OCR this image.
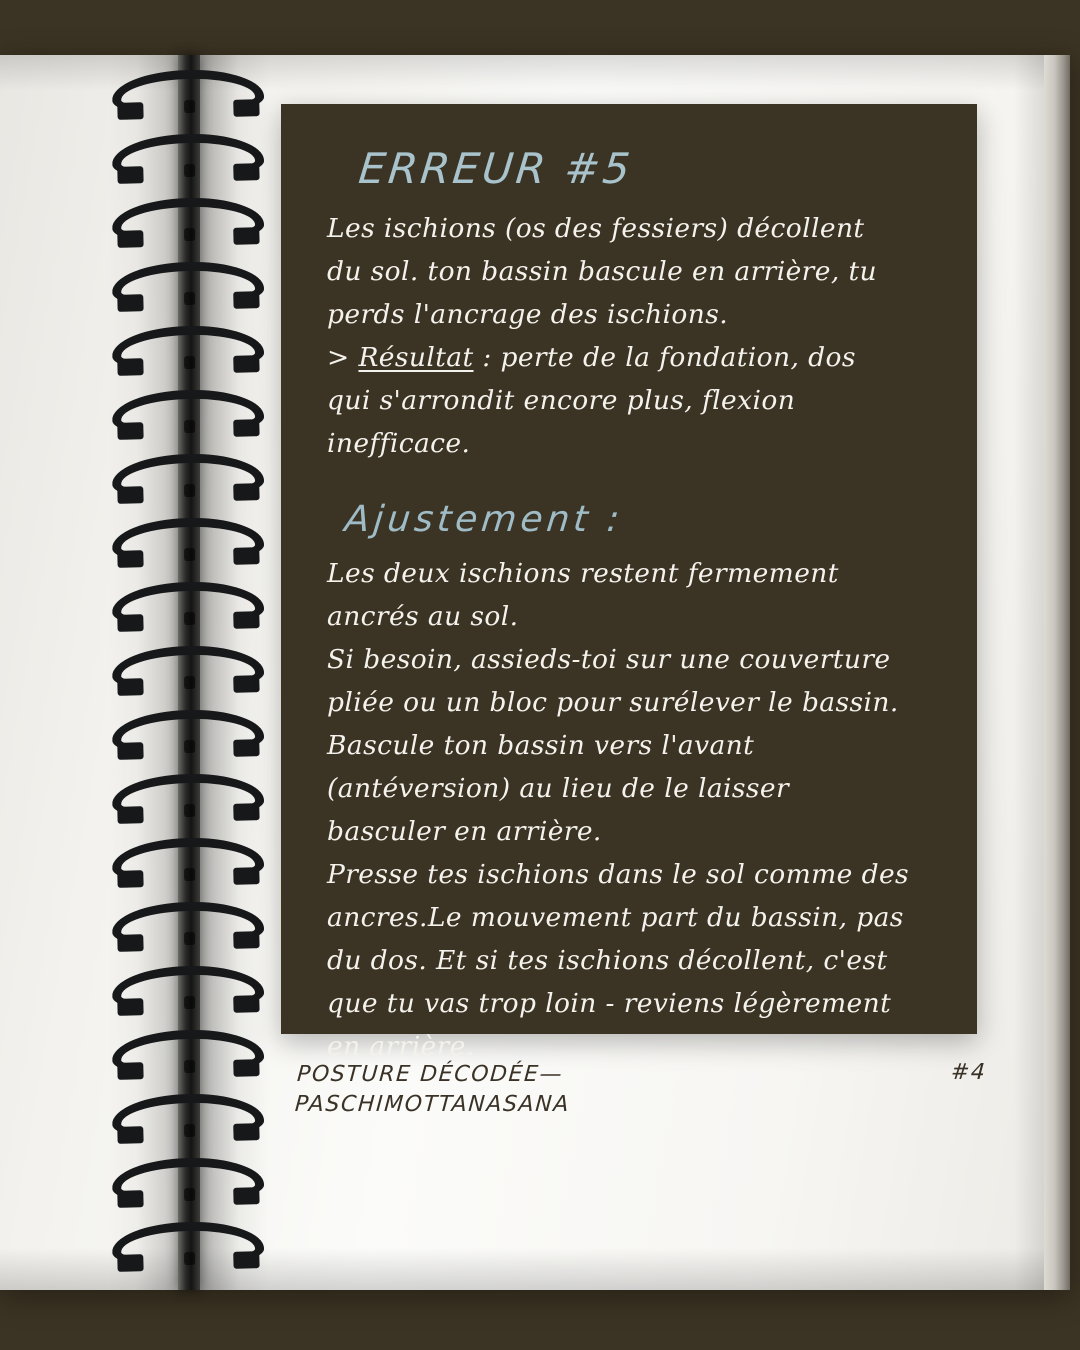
ERREUR #5

Les ischions (os des fessiers) décollent

du sol. ton bassin bascule en arrière, tu

perds l'ancrage des ischions.

> Résultat : perte de la fondation, dos

qui s'arrondit encore plus, flexion

inefficace.

Ajustement :

Les deux ischions restent fermement

ancrés au sol.

Si besoin, assieds-toi sur une couverture

pliée ou un bloc pour surélever le bassin.

Bascule ton bassin vers l'avant

(antéversion) au lieu de le laisser

basculer en arrière.

Presse tes ischions dans le sol comme des

ancres.Le mouvement part du bassin, pas

du dos. Et si tes ischions décollent, c'est

que tu vas trop loin - reviens légèrement

en arrière.

POSTURE DÉCODÉE—
PASCHIMOTTANASANA
#4
